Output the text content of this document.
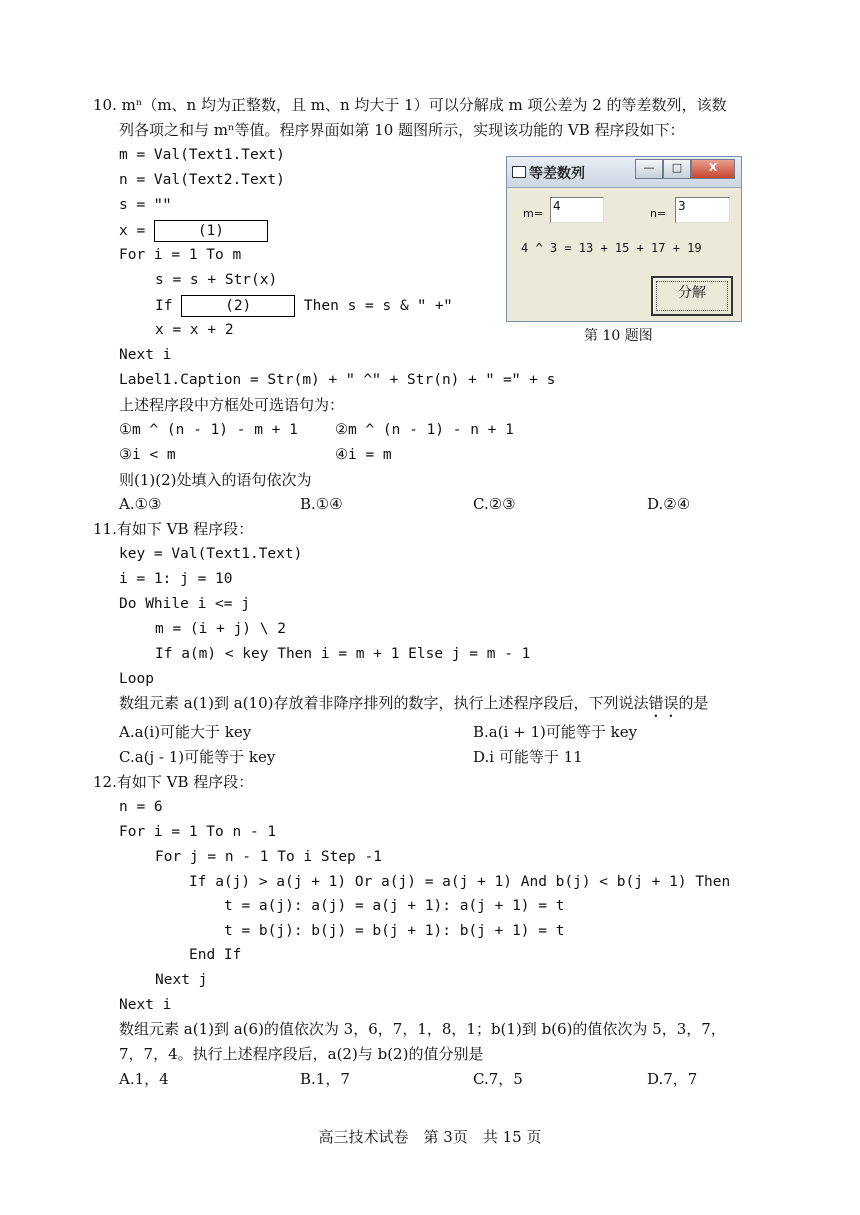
10. mⁿ（m、n 均为正整数，且 m、n 均大于 1）可以分解成 m 项公差为 2 的等差数列，该数
列各项之和与 mⁿ等值。程序界面如第 10 题图所示，实现该功能的 VB 程序段如下：
m = Val(Text1.Text)
n = Val(Text2.Text)
s = ʺʺ
x =	(1)
For i = 1 To m
s = s + Str(x)
If	(2)	Then s = s & ʺ +ʺ
x = x + 2
Next i
Label1.Caption = Str(m) + ʺ ^ʺ + Str(n) + ʺ =ʺ + s
上述程序段中方框处可选语句为：
①m ^ (n - 1) - m + 1	②m ^ (n - 1) - n + 1
③i < m	④i = m
则(1)(2)处填入的语句依次为
A.①③	B.①④	C.②③	D.②④
等差数列	—	□	X
m=
4
n=
3
4 ^ 3 = 13 + 15 + 17 + 19
分解
第 10 题图
11.有如下 VB 程序段：
key = Val(Text1.Text)
i = 1: j = 10
Do While i <= j
m = (i + j) \ 2
If a(m) < key Then i = m + 1 Else j = m - 1
Loop
数组元素 a(1)到 a(10)存放着非降序排列的数字，执行上述程序段后，下列说法错误的是
A.a(i)可能大于 key	B.a(i + 1)可能等于 key
C.a(j - 1)可能等于 key	D.i 可能等于 11
12.有如下 VB 程序段：
n = 6
For i = 1 To n - 1
For j = n - 1 To i Step -1
If a(j) > a(j + 1) Or a(j) = a(j + 1) And b(j) < b(j + 1) Then
t = a(j): a(j) = a(j + 1): a(j + 1) = t
t = b(j): b(j) = b(j + 1): b(j + 1) = t
End If
Next j
Next i
数组元素 a(1)到 a(6)的值依次为 3，6，7，1，8，1；b(1)到 b(6)的值依次为 5，3，7，
7，7，4。执行上述程序段后，a(2)与 b(2)的值分别是
A.1，4	B.1，7	C.7，5	D.7，7
高三技术试卷　第 3页　共 15 页
